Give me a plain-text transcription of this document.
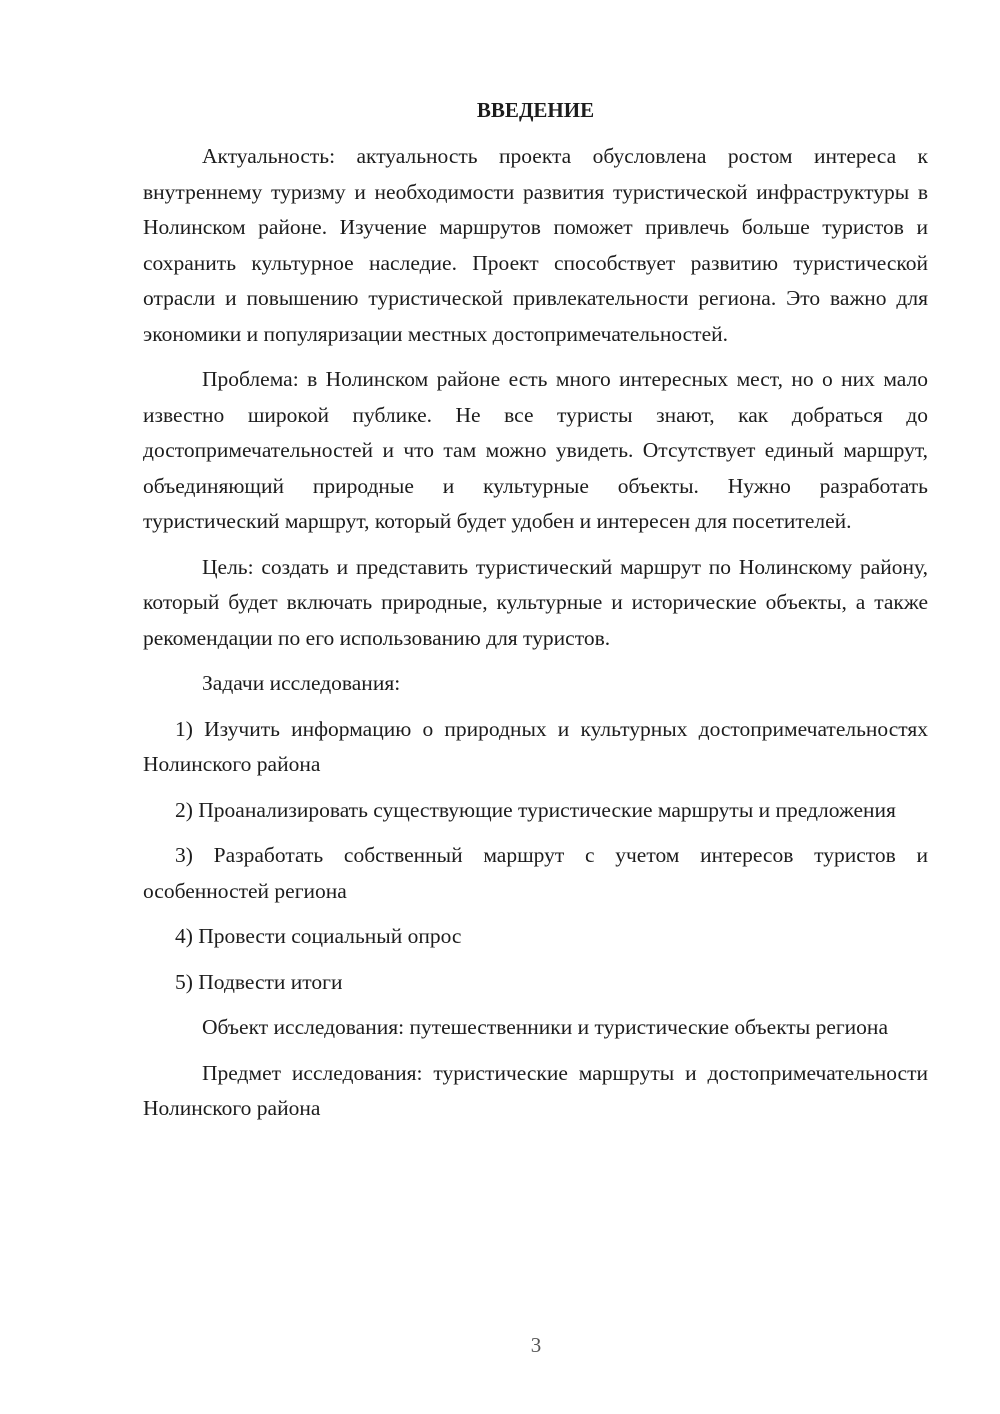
ВВЕДЕНИЕ

Актуальность: актуальность проекта обусловлена ростом интереса к внутреннему туризму и необходимости развития туристической инфраструктуры в Нолинском районе. Изучение маршрутов поможет привлечь больше туристов и сохранить культурное наследие. Проект способствует развитию туристической отрасли и повышению туристической привлекательности региона. Это важно для экономики и популяризации местных достопримечательностей.

Проблема: в Нолинском районе есть много интересных мест, но о них мало известно широкой публике. Не все туристы знают, как добраться до достопримечательностей и что там можно увидеть. Отсутствует единый маршрут, объединяющий природные и культурные объекты. Нужно разработать туристический маршрут, который будет удобен и интересен для посетителей.

Цель: создать и представить туристический маршрут по Нолинскому району, который будет включать природные, культурные и исторические объекты, а также рекомендации по его использованию для туристов.

Задачи исследования:

1) Изучить информацию о природных и культурных достопримечательностях Нолинского района

2) Проанализировать существующие туристические маршруты и предложения

3) Разработать собственный маршрут с учетом интересов туристов и особенностей региона

4) Провести социальный опрос

5) Подвести итоги

Объект исследования: путешественники и туристические объекты региона

Предмет исследования: туристические маршруты и достопримечательности Нолинского района

3
